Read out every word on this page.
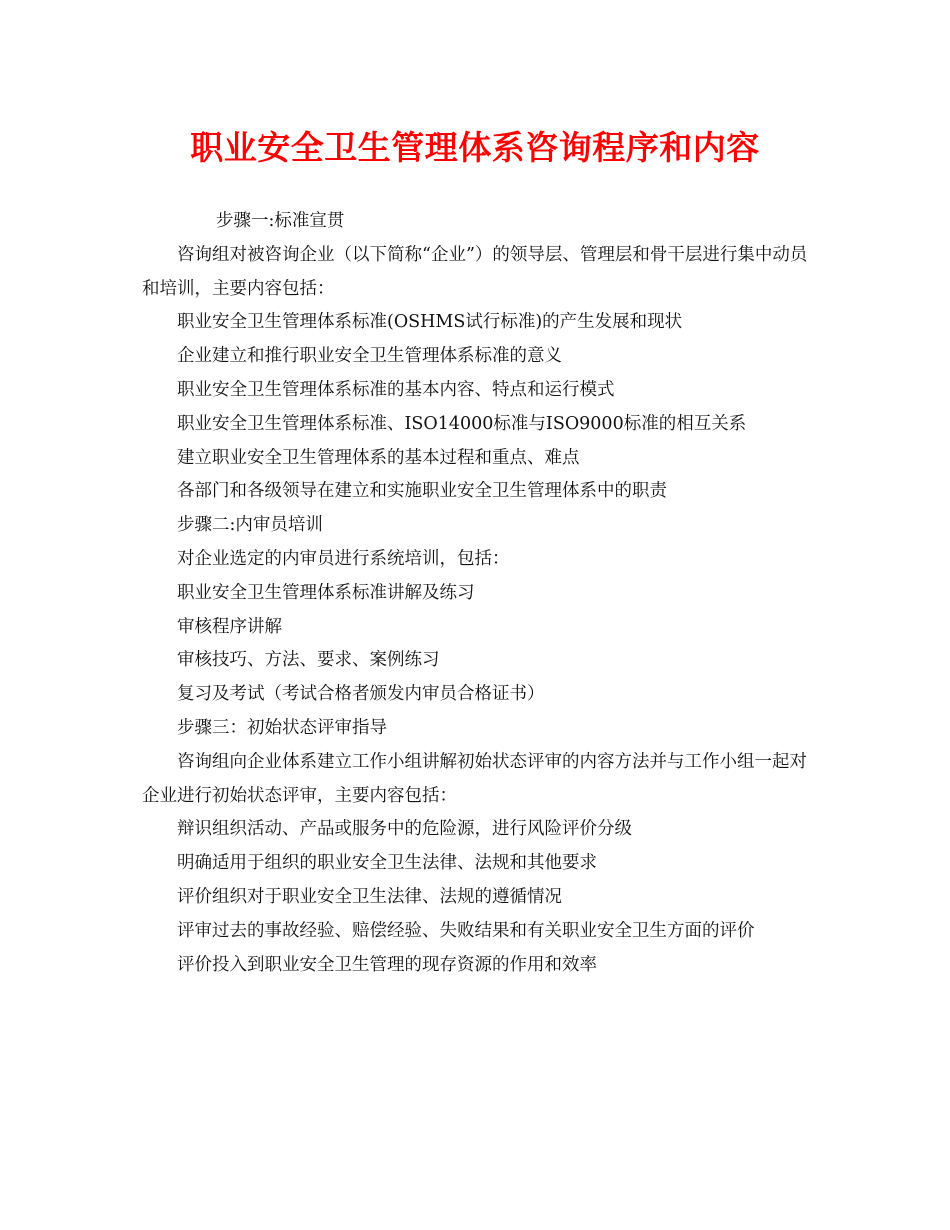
职业安全卫生管理体系咨询程序和内容

步骤一:标准宣贯

咨询组对被咨询企业（以下简称“企业”）的领导层、管理层和骨干层进行集中动员和培训，主要内容包括：

职业安全卫生管理体系标准(OSHMS试行标准)的产生发展和现状

企业建立和推行职业安全卫生管理体系标准的意义

职业安全卫生管理体系标准的基本内容、特点和运行模式

职业安全卫生管理体系标准、ISO14000标准与ISO9000标准的相互关系

建立职业安全卫生管理体系的基本过程和重点、难点

各部门和各级领导在建立和实施职业安全卫生管理体系中的职责

步骤二:内审员培训

对企业选定的内审员进行系统培训，包括：

职业安全卫生管理体系标准讲解及练习

审核程序讲解

审核技巧、方法、要求、案例练习

复习及考试（考试合格者颁发内审员合格证书）

步骤三：初始状态评审指导

咨询组向企业体系建立工作小组讲解初始状态评审的内容方法并与工作小组一起对企业进行初始状态评审，主要内容包括：

辩识组织活动、产品或服务中的危险源，进行风险评价分级

明确适用于组织的职业安全卫生法律、法规和其他要求

评价组织对于职业安全卫生法律、法规的遵循情况

评审过去的事故经验、赔偿经验、失败结果和有关职业安全卫生方面的评价

评价投入到职业安全卫生管理的现存资源的作用和效率
